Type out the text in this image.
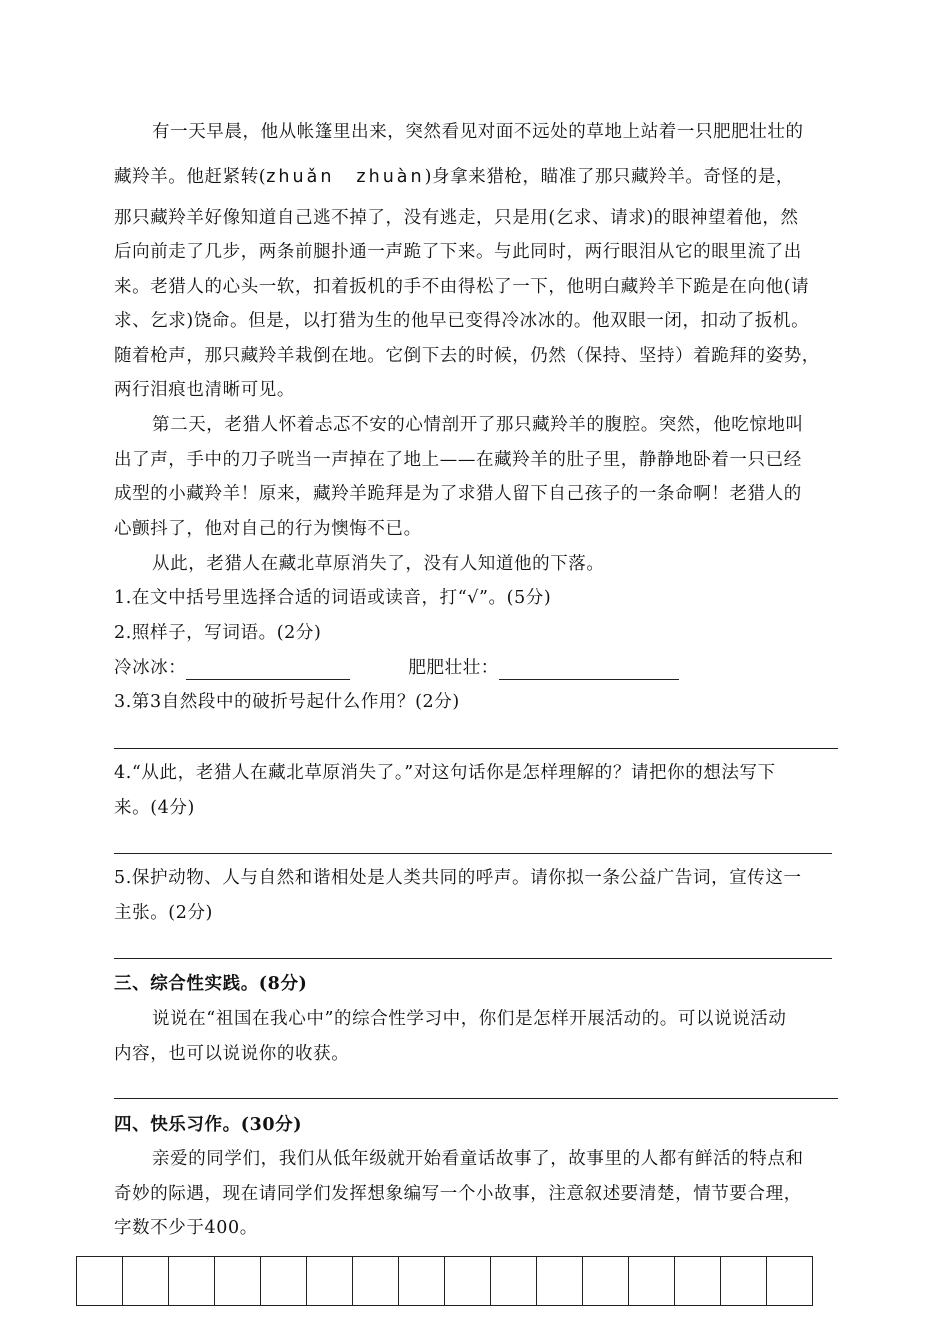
有一天早晨，他从帐篷里出来，突然看见对面不远处的草地上站着一只肥肥壮壮的
藏羚羊。他赶紧转(zhuǎn zhuàn)身拿来猎枪，瞄准了那只藏羚羊。奇怪的是，
那只藏羚羊好像知道自己逃不掉了，没有逃走，只是用(乞求、请求)的眼神望着他，然
后向前走了几步，两条前腿扑通一声跪了下来。与此同时，两行眼泪从它的眼里流了出
来。老猎人的心头一软，扣着扳机的手不由得松了一下，他明白藏羚羊下跪是在向他(请
求、乞求)饶命。但是，以打猎为生的他早已变得冷冰冰的。他双眼一闭，扣动了扳机。
随着枪声，那只藏羚羊栽倒在地。它倒下去的时候，仍然（保持、坚持）着跪拜的姿势，
两行泪痕也清晰可见。
第二天，老猎人怀着忐忑不安的心情剖开了那只藏羚羊的腹腔。突然，他吃惊地叫
出了声，手中的刀子咣当一声掉在了地上——在藏羚羊的肚子里，静静地卧着一只已经
成型的小藏羚羊！原来，藏羚羊跪拜是为了求猎人留下自己孩子的一条命啊！老猎人的
心颤抖了，他对自己的行为懊悔不已。
从此，老猎人在藏北草原消失了，没有人知道他的下落。
1.在文中括号里选择合适的词语或读音，打“√”。(5分)
2.照样子，写词语。(2分)
冷冰冰：	肥肥壮壮：
3.第3自然段中的破折号起什么作用？(2分)
4.“从此，老猎人在藏北草原消失了。”对这句话你是怎样理解的？请把你的想法写下
来。(4分)
5.保护动物、人与自然和谐相处是人类共同的呼声。请你拟一条公益广告词，宣传这一
主张。(2分)
三、综合性实践。(8分)
说说在“祖国在我心中”的综合性学习中，你们是怎样开展活动的。可以说说活动
内容，也可以说说你的收获。
四、快乐习作。(30分)
亲爱的同学们，我们从低年级就开始看童话故事了，故事里的人都有鲜活的特点和
奇妙的际遇，现在请同学们发挥想象编写一个小故事，注意叙述要清楚，情节要合理，
字数不少于400。
